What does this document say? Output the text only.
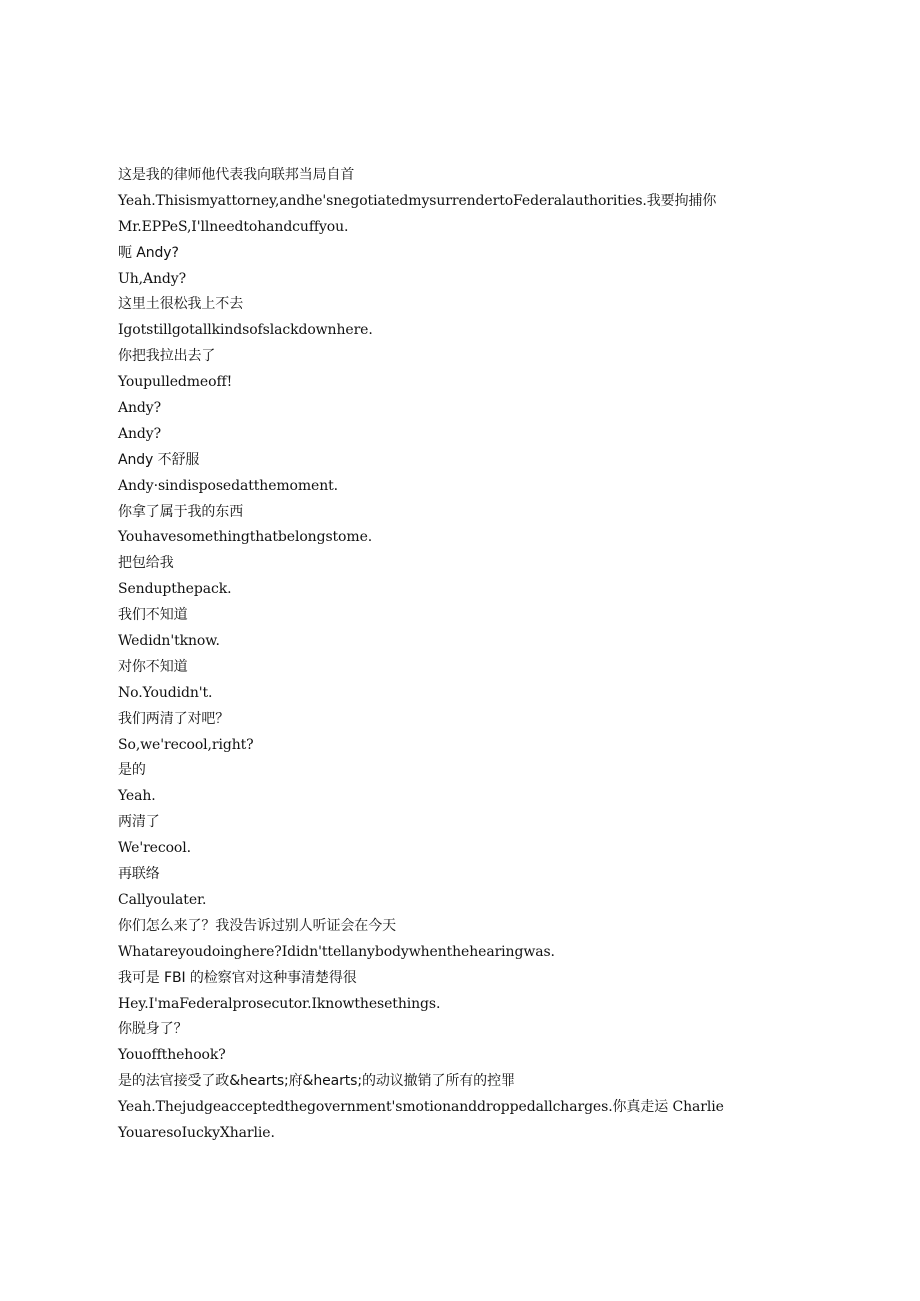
这是我的律师他代表我向联邦当局自首
Yeah.Thisismyattorney,andhe'snegotiatedmysurrendertoFederalauthorities.我要拘捕你
Mr.EPPeS,I'llneedtohandcuffyou.
呃 Andy?
Uh,Andy?
这里土很松我上不去
Igotstillgotallkindsofslackdownhere.
你把我拉出去了
Youpulledmeoff!
Andy?
Andy?
Andy 不舒服
Andy·sindisposedatthemoment.
你拿了属于我的东西
Youhavesomethingthatbelongstome.
把包给我
Sendupthepack.
我们不知道
Wedidn'tknow.
对你不知道
No.Youdidn't.
我们两清了对吧？
So,we'recool,right?
是的
Yeah.
两清了
We'recool.
再联络
Callyoulater.
你们怎么来了？我没告诉过别人听证会在今天
Whatareyoudoinghere?Ididn'ttellanybodywhenthehearingwas.
我可是 FBI 的检察官对这种事清楚得很
Hey.I'maFederalprosecutor.Iknowthesethings.
你脱身了？
Youoffthehook?
是的法官接受了政&hearts;府&hearts;的动议撤销了所有的控罪
Yeah.Thejudgeacceptedthegovernment'smotionanddroppedallcharges.你真走运 Charlie
YouaresoIuckyXharlie.
